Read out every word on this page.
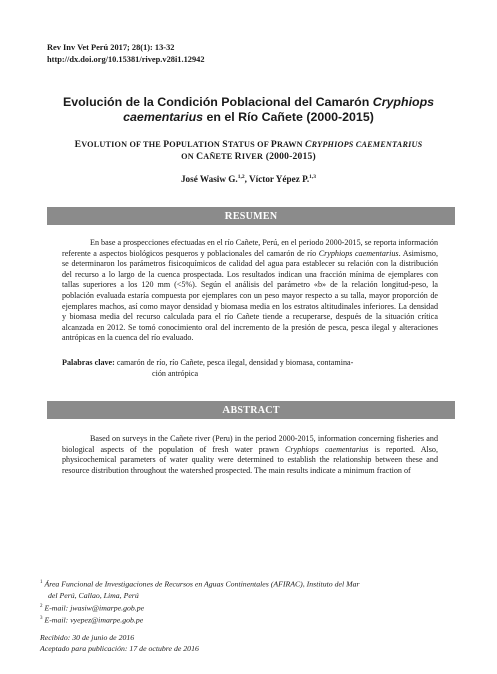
Rev Inv Vet Perú 2017; 28(1): 13-32
http://dx.doi.org/10.15381/rivep.v28i1.12942
Evolución de la Condición Poblacional del Camarón Cryphiops
caementarius en el Río Cañete (2000-2015)
EVOLUTION OF THE POPULATION STATUS OF PRAWN CRYPHIOPS CAEMENTARIUS
ON CAÑETE RIVER (2000-2015)
José Wasiw G.$^{1,2}$, Víctor Yépez P.$^{1,3}$
RESUMEN
En base a prospecciones efectuadas en el río Cañete, Perú, en el periodo 2000-2015, se reporta información referente a aspectos biológicos pesqueros y poblacionales del camarón de río Cryphiops caementarius. Asimismo, se determinaron los parámetros fisicoquímicos de calidad del agua para establecer su relación con la distribución del recurso a lo largo de la cuenca prospectada. Los resultados indican una fracción mínima de ejemplares con tallas superiores a los 120 mm (<5%). Según el análisis del parámetro «b» de la relación longitud-peso, la población evaluada estaría compuesta por ejemplares con un peso mayor respecto a su talla, mayor proporción de ejemplares machos, así como mayor densidad y biomasa media en los estratos altitudinales inferiores. La densidad y biomasa media del recurso calculada para el río Cañete tiende a recuperarse, después de la situación crítica alcanzada en 2012. Se tomó conocimiento oral del incremento de la presión de pesca, pesca ilegal y alteraciones antrópicas en la cuenca del río evaluado.
Palabras clave: camarón de río, río Cañete, pesca ilegal, densidad y biomasa, contamina-
ción antrópica
ABSTRACT
Based on surveys in the Cañete river (Peru) in the period 2000-2015, information concerning fisheries and biological aspects of the population of fresh water prawn Cryphiops caementarius is reported. Also, physicochemical parameters of water quality were determined to establish the relationship between these and resource distribution throughout the watershed prospected. The main results indicate a minimum fraction of
$^1$ Área Funcional de Investigaciones de Recursos en Aguas Continentales (AFIRAC), Instituto del Mar
del Perú, Callao, Lima, Perú
$^2$ E-mail: jwasiw@imarpe.gob.pe
$^3$ E-mail: vyepez@imarpe.gob.pe
Recibido: 30 de junio de 2016
Aceptado para publicación: 17 de octubre de 2016
